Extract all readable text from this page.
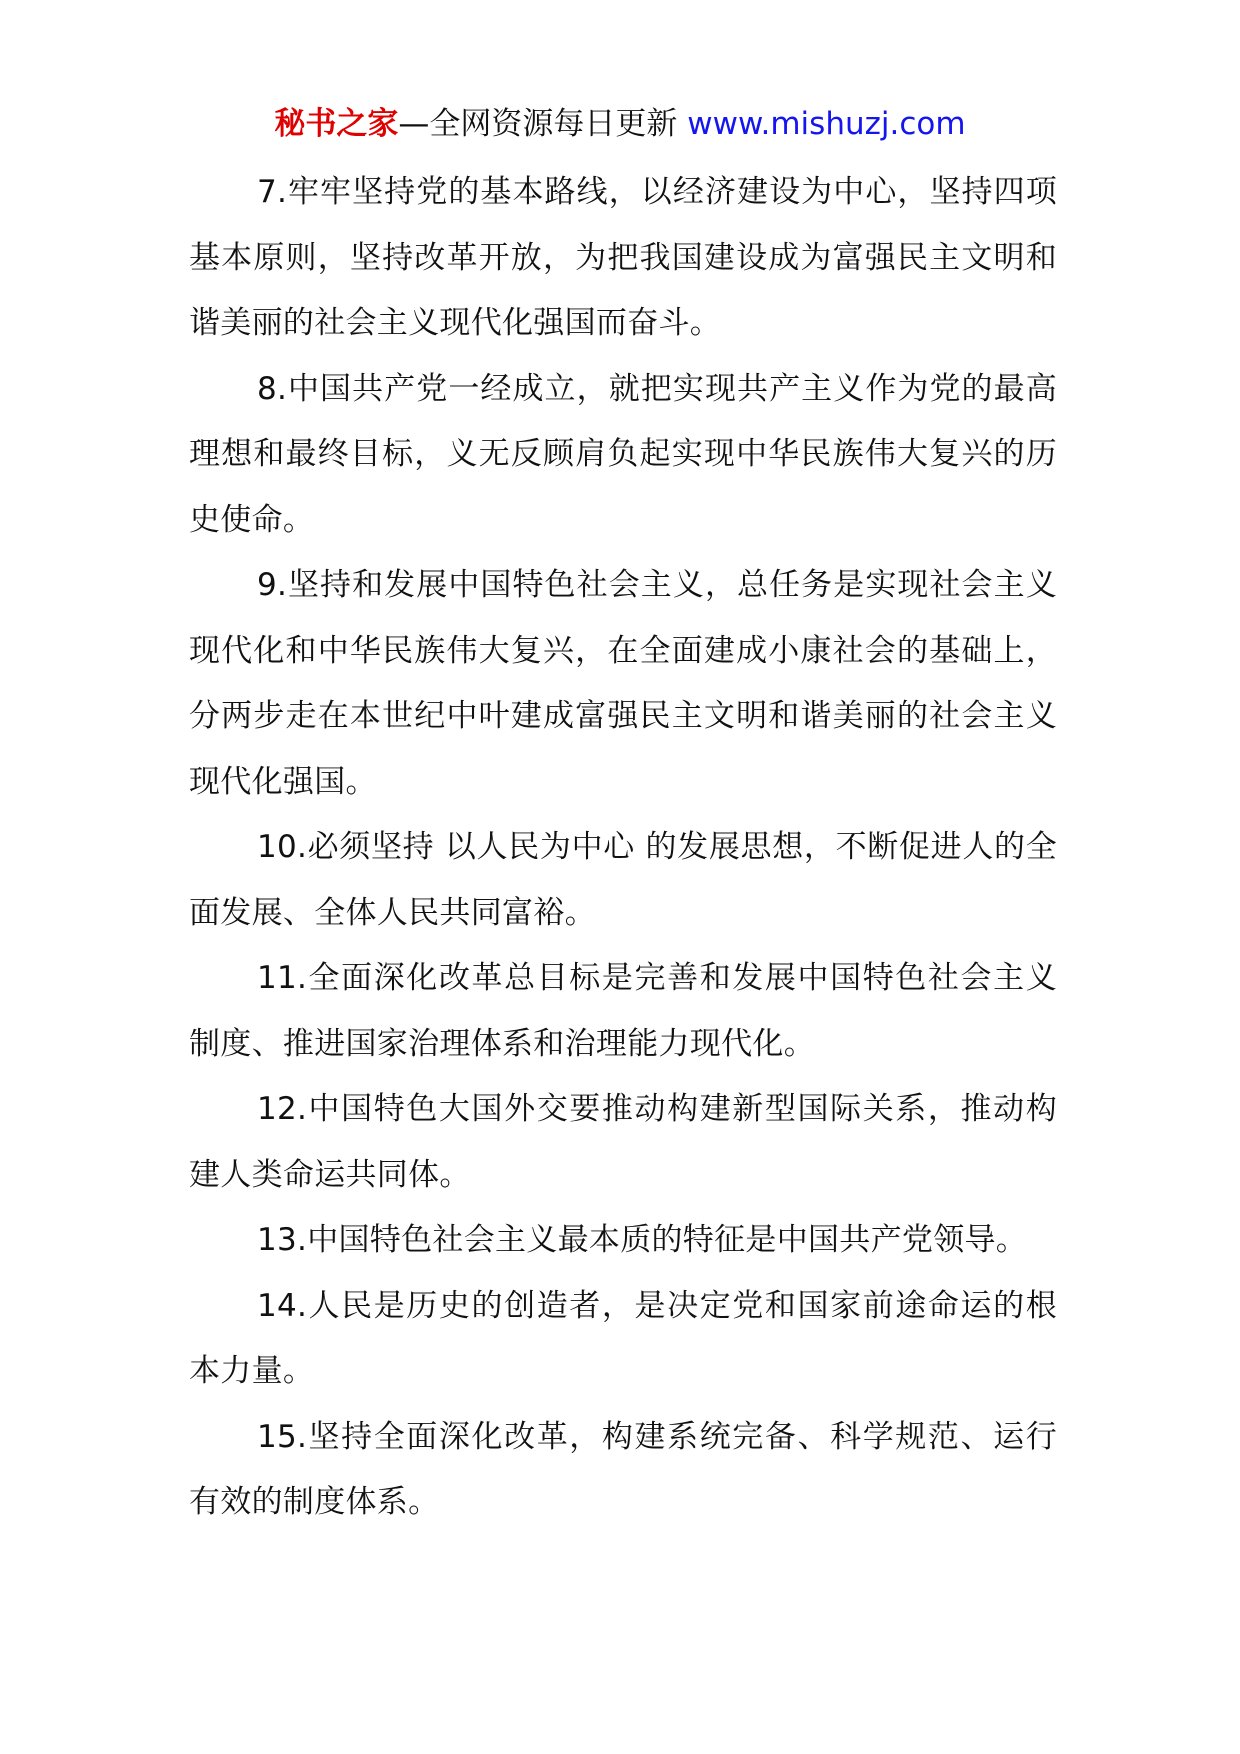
秘书之家—全网资源每日更新 www.mishuzj.com

7.牢牢坚持党的基本路线，以经济建设为中心，坚持四项基本原则，坚持改革开放，为把我国建设成为富强民主文明和谐美丽的社会主义现代化强国而奋斗。

8.中国共产党一经成立，就把实现共产主义作为党的最高理想和最终目标，义无反顾肩负起实现中华民族伟大复兴的历史使命。

9.坚持和发展中国特色社会主义，总任务是实现社会主义现代化和中华民族伟大复兴，在全面建成小康社会的基础上，分两步走在本世纪中叶建成富强民主文明和谐美丽的社会主义现代化强国。

10.必须坚持 以人民为中心 的发展思想，不断促进人的全面发展、全体人民共同富裕。

11.全面深化改革总目标是完善和发展中国特色社会主义制度、推进国家治理体系和治理能力现代化。

12.中国特色大国外交要推动构建新型国际关系，推动构建人类命运共同体。

13.中国特色社会主义最本质的特征是中国共产党领导。

14.人民是历史的创造者，是决定党和国家前途命运的根本力量。

15.坚持全面深化改革，构建系统完备、科学规范、运行有效的制度体系。
